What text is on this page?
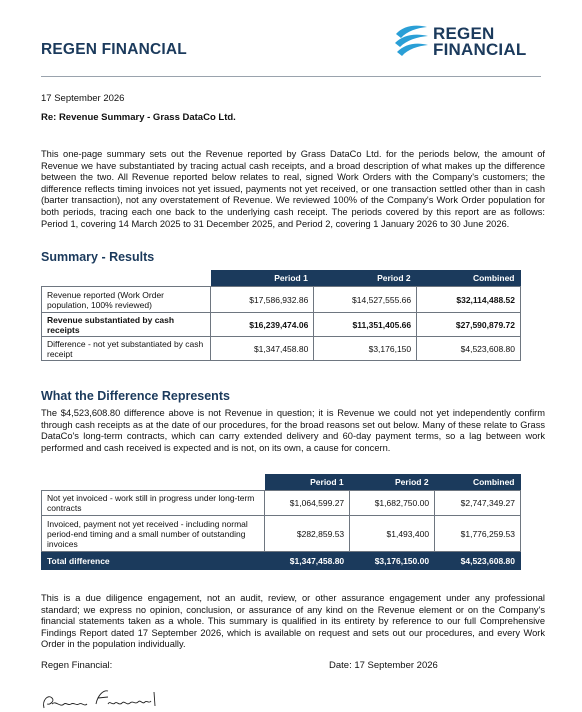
REGEN FINANCIAL
REGEN
FINANCIAL
17 September 2026
Re: Revenue Summary - Grass DataCo Ltd.
This one-page summary sets out the Revenue reported by Grass DataCo Ltd. for the periods below, the amount of Revenue we have substantiated by tracing actual cash receipts, and a broad description of what makes up the difference between the two. All Revenue reported below relates to real, signed Work Orders with the Company's customers; the difference reflects timing invoices not yet issued, payments not yet received, or one transaction settled other than in cash (barter transaction), not any overstatement of Revenue. We reviewed 100% of the Company's Work Order population for both periods, tracing each one back to the underlying cash receipt. The periods covered by this report are as follows: Period 1, covering 14 March 2025 to 31 December 2025, and Period 2, covering 1 January 2026 to 30 June 2026.
Summary - Results
	Period 1	Period 2	Combined
Revenue reported (Work Order population, 100% reviewed)	$17,586,932.86	$14,527,555.66	$32,114,488.52
Revenue substantiated by cash receipts	$16,239,474.06	$11,351,405.66	$27,590,879.72
Difference - not yet substantiated by cash receipt	$1,347,458.80	$3,176,150	$4,523,608.80
What the Difference Represents
The $4,523,608.80 difference above is not Revenue in question; it is Revenue we could not yet independently confirm through cash receipts as at the date of our procedures, for the broad reasons set out below. Many of these relate to Grass DataCo's long-term contracts, which can carry extended delivery and 60-day payment terms, so a lag between work performed and cash received is expected and is not, on its own, a cause for concern.
	Period 1	Period 2	Combined
Not yet invoiced - work still in progress under long-term contracts	$1,064,599.27	$1,682,750.00	$2,747,349.27
Invoiced, payment not yet received - including normal period-end timing and a small number of outstanding invoices	$282,859.53	$1,493,400	$1,776,259.53
Total difference	$1,347,458.80	$3,176,150.00	$4,523,608.80
This is a due diligence engagement, not an audit, review, or other assurance engagement under any professional standard; we express no opinion, conclusion, or assurance of any kind on the Revenue element or on the Company's financial statements taken as a whole. This summary is qualified in its entirety by reference to our full Comprehensive Findings Report dated 17 September 2026, which is available on request and sets out our procedures, and every Work Order in the population individually.
Regen Financial:	Date: 17 September 2026
